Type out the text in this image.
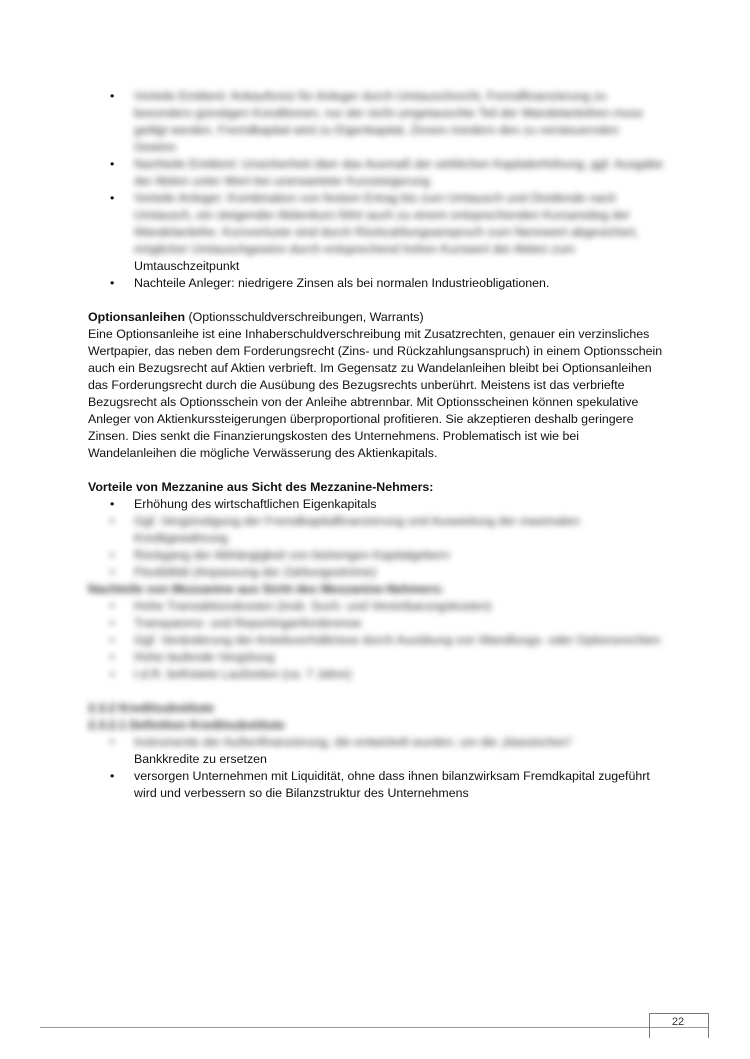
• Vorteile Emittent: Ankaufsreiz für Anleger durch Umtauschrecht, Fremdfinanzierung zu besonders günstigen Konditionen, nur der nicht umgetauschte Teil der Wandelanleihen muss getilgt werden. Fremdkapital wird zu Eigenkapital, Zinsen mindern den zu versteuernden Gewinn
• Nachteile Emittent: Unsicherheit über das Ausmaß der wirklichen Kapitalerhöhung, ggf. Ausgabe der Aktien unter Wert bei unerwarteter Kurssteigerung
• Vorteile Anleger: Kombination von festem Ertrag bis zum Umtausch und Dividende nach Umtausch, ein steigender Aktienkurs führt auch zu einem entsprechenden Kursanstieg der Wandelanleihe. Kursverluste sind durch Rückzahlungsanspruch zum Nennwert abgesichert, möglicher Umtauschgewinn durch entsprechend hohen Kurswert der Aktien zum
Umtauschzeitpunkt
• Nachteile Anleger: niedrigere Zinsen als bei normalen Industrieobligationen.
Optionsanleihen (Optionsschuldverschreibungen, Warrants)

Eine Optionsanleihe ist eine Inhaberschuldverschreibung mit Zusatzrechten, genauer ein verzinsliches Wertpapier, das neben dem Forderungsrecht (Zins- und Rückzahlungsanspruch) in einem Optionsschein auch ein Bezugsrecht auf Aktien verbrieft. Im Gegensatz zu Wandelanleihen bleibt bei Optionsanleihen das Forderungsrecht durch die Ausübung des Bezugsrechts unberührt. Meistens ist das verbriefte Bezugsrecht als Optionsschein von der Anleihe abtrennbar. Mit Optionsscheinen können spekulative Anleger von Aktienkurssteigerungen überproportional profitieren. Sie akzeptieren deshalb geringere Zinsen. Dies senkt die Finanzierungskosten des Unternehmens. Problematisch ist wie bei Wandelanleihen die mögliche Verwässerung des Aktienkapitals.

Vorteile von Mezzanine aus Sicht des Mezzanine-Nehmers:
• Erhöhung des wirtschaftlichen Eigenkapitals
• Ggf. Vergünstigung der Fremdkapitalfinanzierung und Ausweitung der maximalen Kreditgewährung
• Rückgang der Abhängigkeit von bisherigen Kapitalgebern
• Flexibilität (Anpassung der Zahlungsströme)
Nachteile von Mezzanine aus Sicht des Mezzanine-Nehmers:
• Hohe Transaktionskosten (insb. Such- und Vereinbarungskosten)
• Transparenz- und Reportinganforderense
• Ggf. Veränderung der Anteilsverhältnisse durch Ausübung von Wandlungs- oder Optionsrechten
• Hohe laufende Vergütung
• I.d.R. befristete Laufzeiten (ca. 7 Jahre)
2.3.2 Kreditsubstitute
2.3.2.1 Definition Kreditsubstitute
• Instrumente der Außenfinanzierung, die entwickelt wurden, um die „klassischen“
Bankkredite zu ersetzen
• versorgen Unternehmen mit Liquidität, ohne dass ihnen bilanzwirksam Fremdkapital zugeführt wird und verbessern so die Bilanzstruktur des Unternehmens
22
